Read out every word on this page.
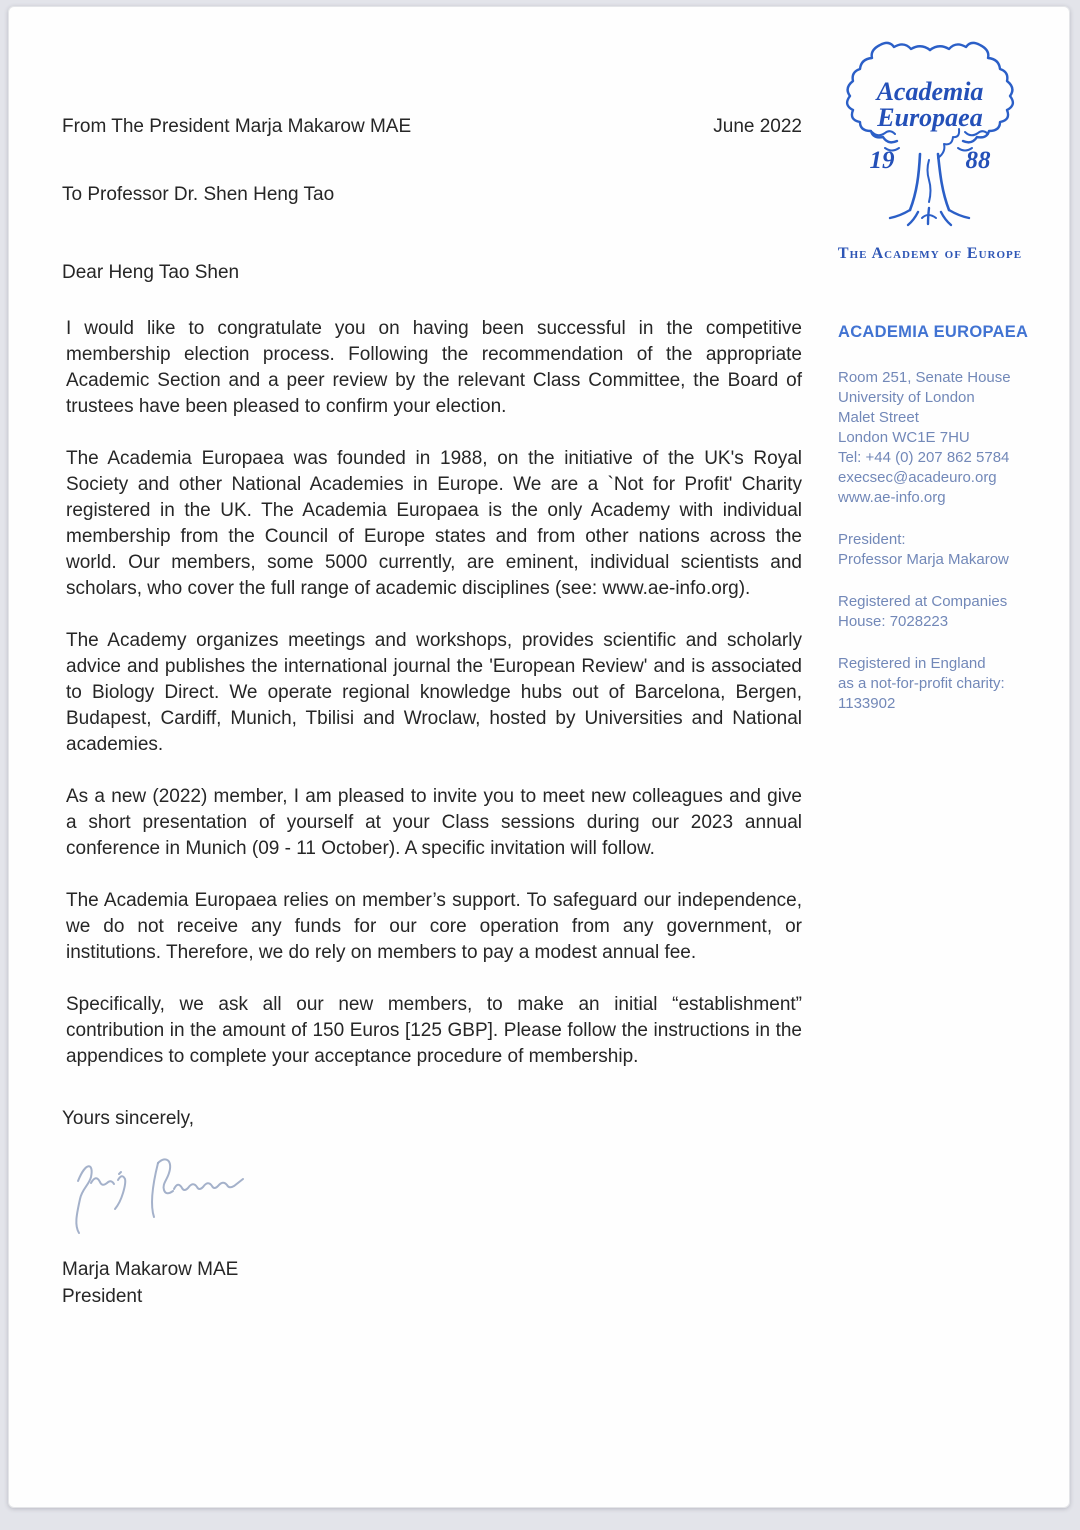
From The President Marja Makarow MAE	June 2022
To Professor Dr. Shen Heng Tao
Dear Heng Tao Shen

I would like to congratulate you on having been successful in the competitive membership election process. Following the recommendation of the appropriate Academic Section and a peer review by the relevant Class Committee, the Board of trustees have been pleased to confirm your election.

The Academia Europaea was founded in 1988, on the initiative of the UK's Royal Society and other National Academies in Europe. We are a `Not for Profit' Charity registered in the UK. The Academia Europaea is the only Academy with individual membership from the Council of Europe states and from other nations across the world. Our members, some 5000 currently, are eminent, individual scientists and scholars, who cover the full range of academic disciplines (see: www.ae-info.org).

The Academy organizes meetings and workshops, provides scientific and scholarly advice and publishes the international journal the 'European Review' and is associated to Biology Direct. We operate regional knowledge hubs out of Barcelona, Bergen, Budapest, Cardiff, Munich, Tbilisi and Wroclaw, hosted by Universities and National academies.

As a new (2022) member, I am pleased to invite you to meet new colleagues and give a short presentation of yourself at your Class sessions during our 2023 annual conference in Munich (09 - 11 October). A specific invitation will follow.

The Academia Europaea relies on member’s support. To safeguard our independence, we do not receive any funds for our core operation from any government, or institutions. Therefore, we do rely on members to pay a modest annual fee.

Specifically, we ask all our new members, to make an initial “establishment” contribution in the amount of 150 Euros [125 GBP]. Please follow the instructions in the appendices to complete your acceptance procedure of membership.

Yours sincerely,
Marja Makarow MAE
President
19	88
Academia
Europaea
The Academy of Europe
ACADEMIA EUROPAEA
Room 251, Senate House
University of London
Malet Street
London WC1E 7HU
Tel: +44 (0) 207 862 5784
execsec@acadeuro.org
www.ae-info.org
President:
Professor Marja Makarow
Registered at Companies
House: 7028223
Registered in England
as a not-for-profit charity:
1133902
